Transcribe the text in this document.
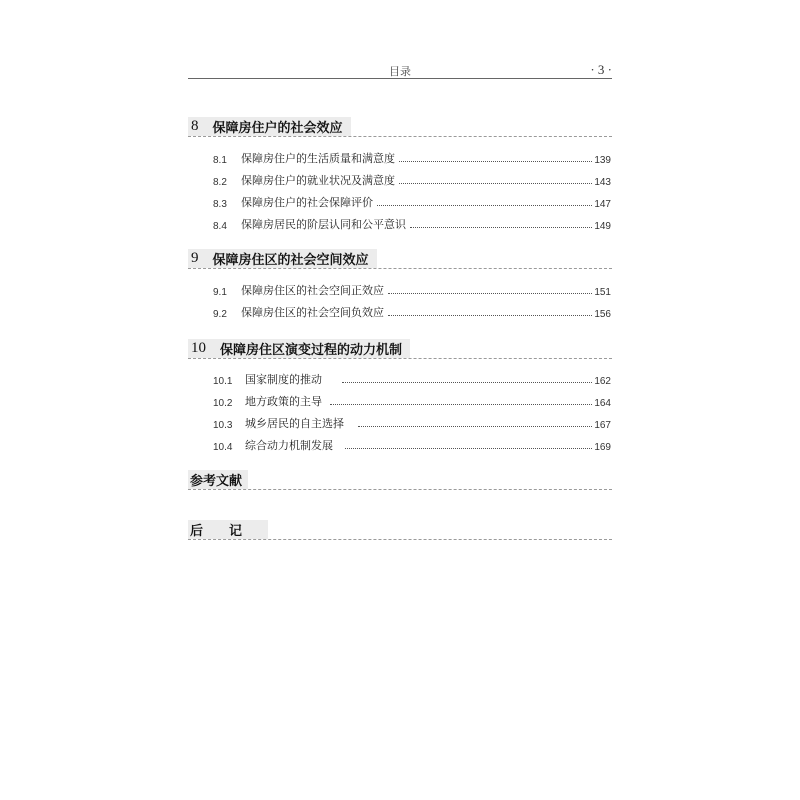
目录	· 3 ·
8 保障房住户的社会效应
8.1	保障房住户的生活质量和满意度	139
8.2	保障房住户的就业状况及满意度	143
8.3	保障房住户的社会保障评价	147
8.4	保障房居民的阶层认同和公平意识	149
9 保障房住区的社会空间效应
9.1	保障房住区的社会空间正效应	151
9.2	保障房住区的社会空间负效应	156
10 保障房住区演变过程的动力机制
10.1	国家制度的推动	162
10.2	地方政策的主导	164
10.3	城乡居民的自主选择	167
10.4	综合动力机制发展	169
参考文献
后记
